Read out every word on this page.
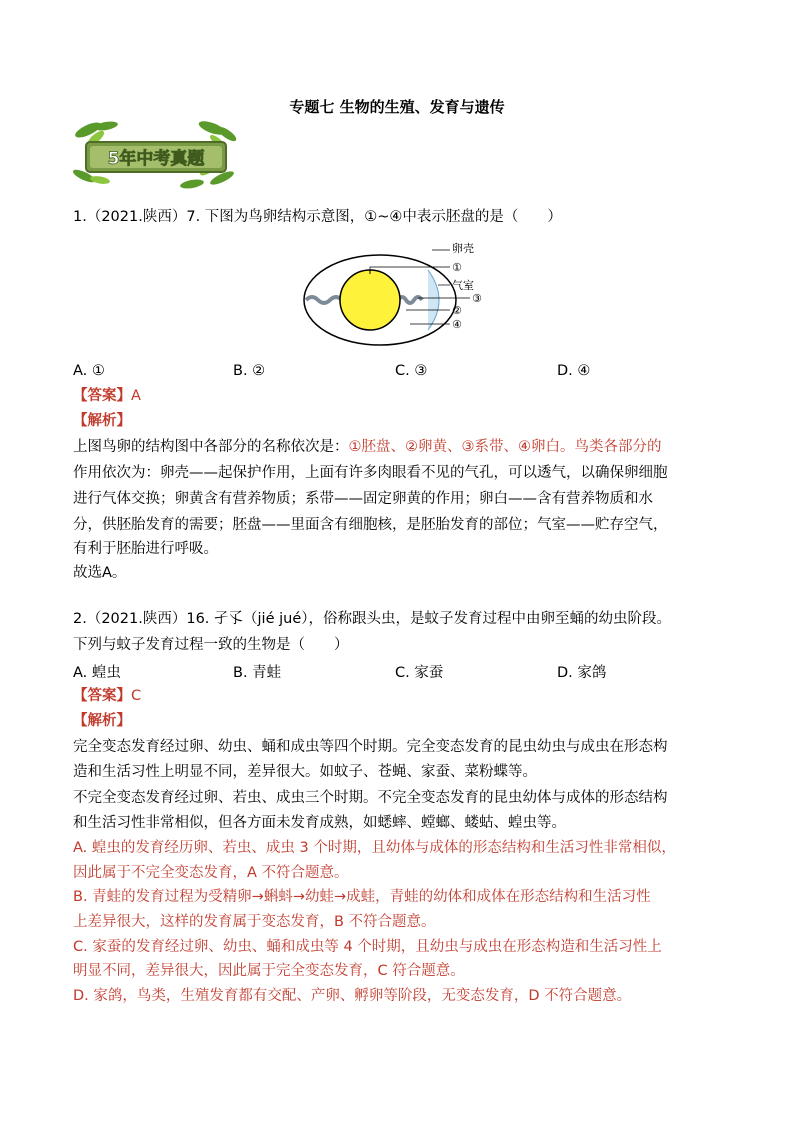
专题七 生物的生殖、发育与遗传
5年中考真题
1.（2021.陕西）7. 下图为鸟卵结构示意图，①~④中表示胚盘的是（　　）
卵壳
①
气室
③
②
④
A. ①	B. ②	C. ③	D. ④
【答案】A
【解析】
上图鸟卵的结构图中各部分的名称依次是：①胚盘、②卵黄、③系带、④卵白。鸟类各部分的
作用依次为：卵壳——起保护作用，上面有许多肉眼看不见的气孔，可以透气，以确保卵细胞
进行气体交换；卵黄含有营养物质；系带——固定卵黄的作用；卵白——含有营养物质和水
分，供胚胎发育的需要；胚盘——里面含有细胞核，是胚胎发育的部位；气室——贮存空气，
有利于胚胎进行呼吸。
故选A。
2.（2021.陕西）16. 孑孓（jié jué），俗称跟头虫，是蚊子发育过程中由卵至蛹的幼虫阶段。
下列与蚊子发育过程一致的生物是（　　）
A. 蝗虫	B. 青蛙	C. 家蚕	D. 家鸽
【答案】C
【解析】
完全变态发育经过卵、幼虫、蛹和成虫等四个时期。完全变态发育的昆虫幼虫与成虫在形态构
造和生活习性上明显不同，差异很大。如蚊子、苍蝇、家蚕、菜粉蝶等。
不完全变态发育经过卵、若虫、成虫三个时期。不完全变态发育的昆虫幼体与成体的形态结构
和生活习性非常相似，但各方面未发育成熟，如蟋蟀、螳螂、蝼蛄、蝗虫等。
A. 蝗虫的发育经历卵、若虫、成虫 3 个时期，且幼体与成体的形态结构和生活习性非常相似，
因此属于不完全变态发育，A 不符合题意。
B. 青蛙的发育过程为受精卵→蝌蚪→幼蛙→成蛙，青蛙的幼体和成体在形态结构和生活习性
上差异很大，这样的发育属于变态发育，B 不符合题意。
C. 家蚕的发育经过卵、幼虫、蛹和成虫等 4 个时期，且幼虫与成虫在形态构造和生活习性上
明显不同，差异很大，因此属于完全变态发育，C 符合题意。
D. 家鸽，鸟类，生殖发育都有交配、产卵、孵卵等阶段，无变态发育，D 不符合题意。
